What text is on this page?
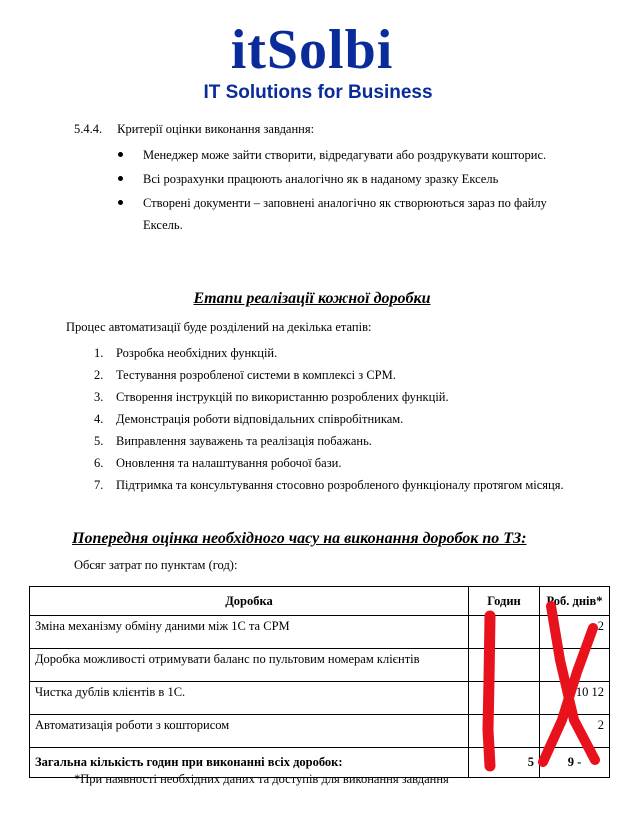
itSolbi
IT Solutions for Business
5.4.4. Критерії оцінки виконання завдання:
Менеджер може зайти створити, відредагувати або роздрукувати кошторис.
Всі розрахунки працюють аналогічно як в наданому зразку Ексель
Створені документи – заповнені аналогічно як створюються зараз по файлу Ексель.
Етапи реалізації кожної доробки
Процес автоматизації буде розділений на декілька етапів:
1. Розробка необхідних функцій.
2. Тестування розробленої системи в комплексі з CPM.
3. Створення інструкцій по використанню розроблених функцій.
4. Демонстрація роботи відповідальних співробітникам.
5. Виправлення зауважень та реалізація побажань.
6. Оновлення та налаштування робочої бази.
7. Підтримка та консультування стосовно розробленого функціоналу протягом місяця.
Попередня оцінка необхідного часу на виконання доробок по ТЗ:
Обсяг затрат по пунктам (год):
Доробка	Годин	Роб. днів*
Зміна механізму обміну даними між 1С та CPM		- 2
Доробка можливості отримувати баланс по пультовим номерам клієнтів		
Чистка дублів клієнтів в 1С.		10 12
Автоматизація роботи з кошторисом		2
Загальна кількість годин при виконанні всіх доробок:	5	9 -
*При наявності необхідних даних та доступів для виконання завдання
